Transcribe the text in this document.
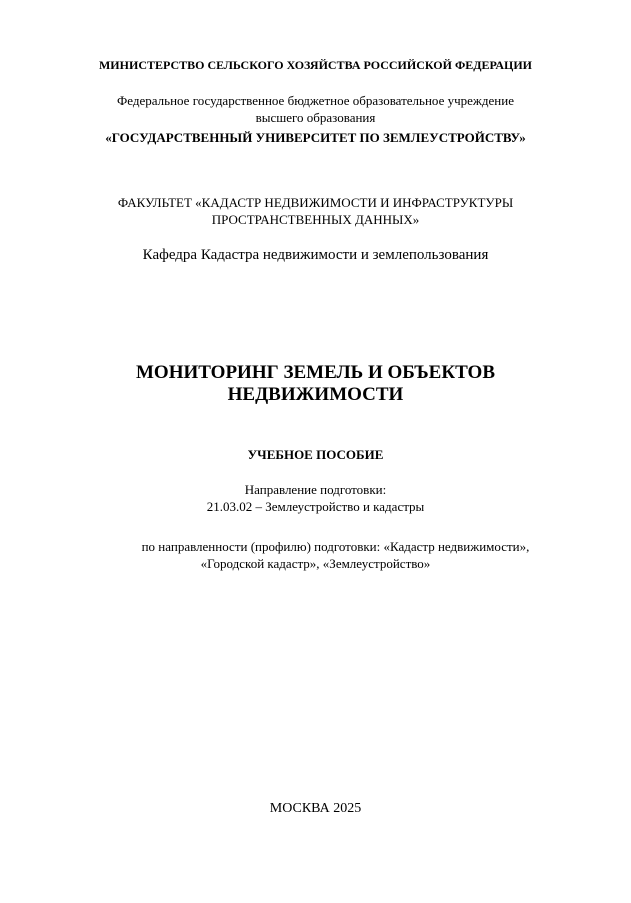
МИНИСТЕРСТВО СЕЛЬСКОГО ХОЗЯЙСТВА РОССИЙСКОЙ ФЕДЕРАЦИИ
Федеральное государственное бюджетное образовательное учреждение
высшего образования
«ГОСУДАРСТВЕННЫЙ УНИВЕРСИТЕТ ПО ЗЕМЛЕУСТРОЙСТВУ»
ФАКУЛЬТЕТ «КАДАСТР НЕДВИЖИМОСТИ И ИНФРАСТРУКТУРЫ
ПРОСТРАНСТВЕННЫХ ДАННЫХ»
Кафедра Кадастра недвижимости и землепользования
МОНИТОРИНГ ЗЕМЕЛЬ И ОБЪЕКТОВ
НЕДВИЖИМОСТИ
УЧЕБНОЕ ПОСОБИЕ
Направление подготовки:
21.03.02 – Землеустройство и кадастры
по направленности (профилю) подготовки: «Кадастр недвижимости»,
«Городской кадастр», «Землеустройство»
МОСКВА 2025
